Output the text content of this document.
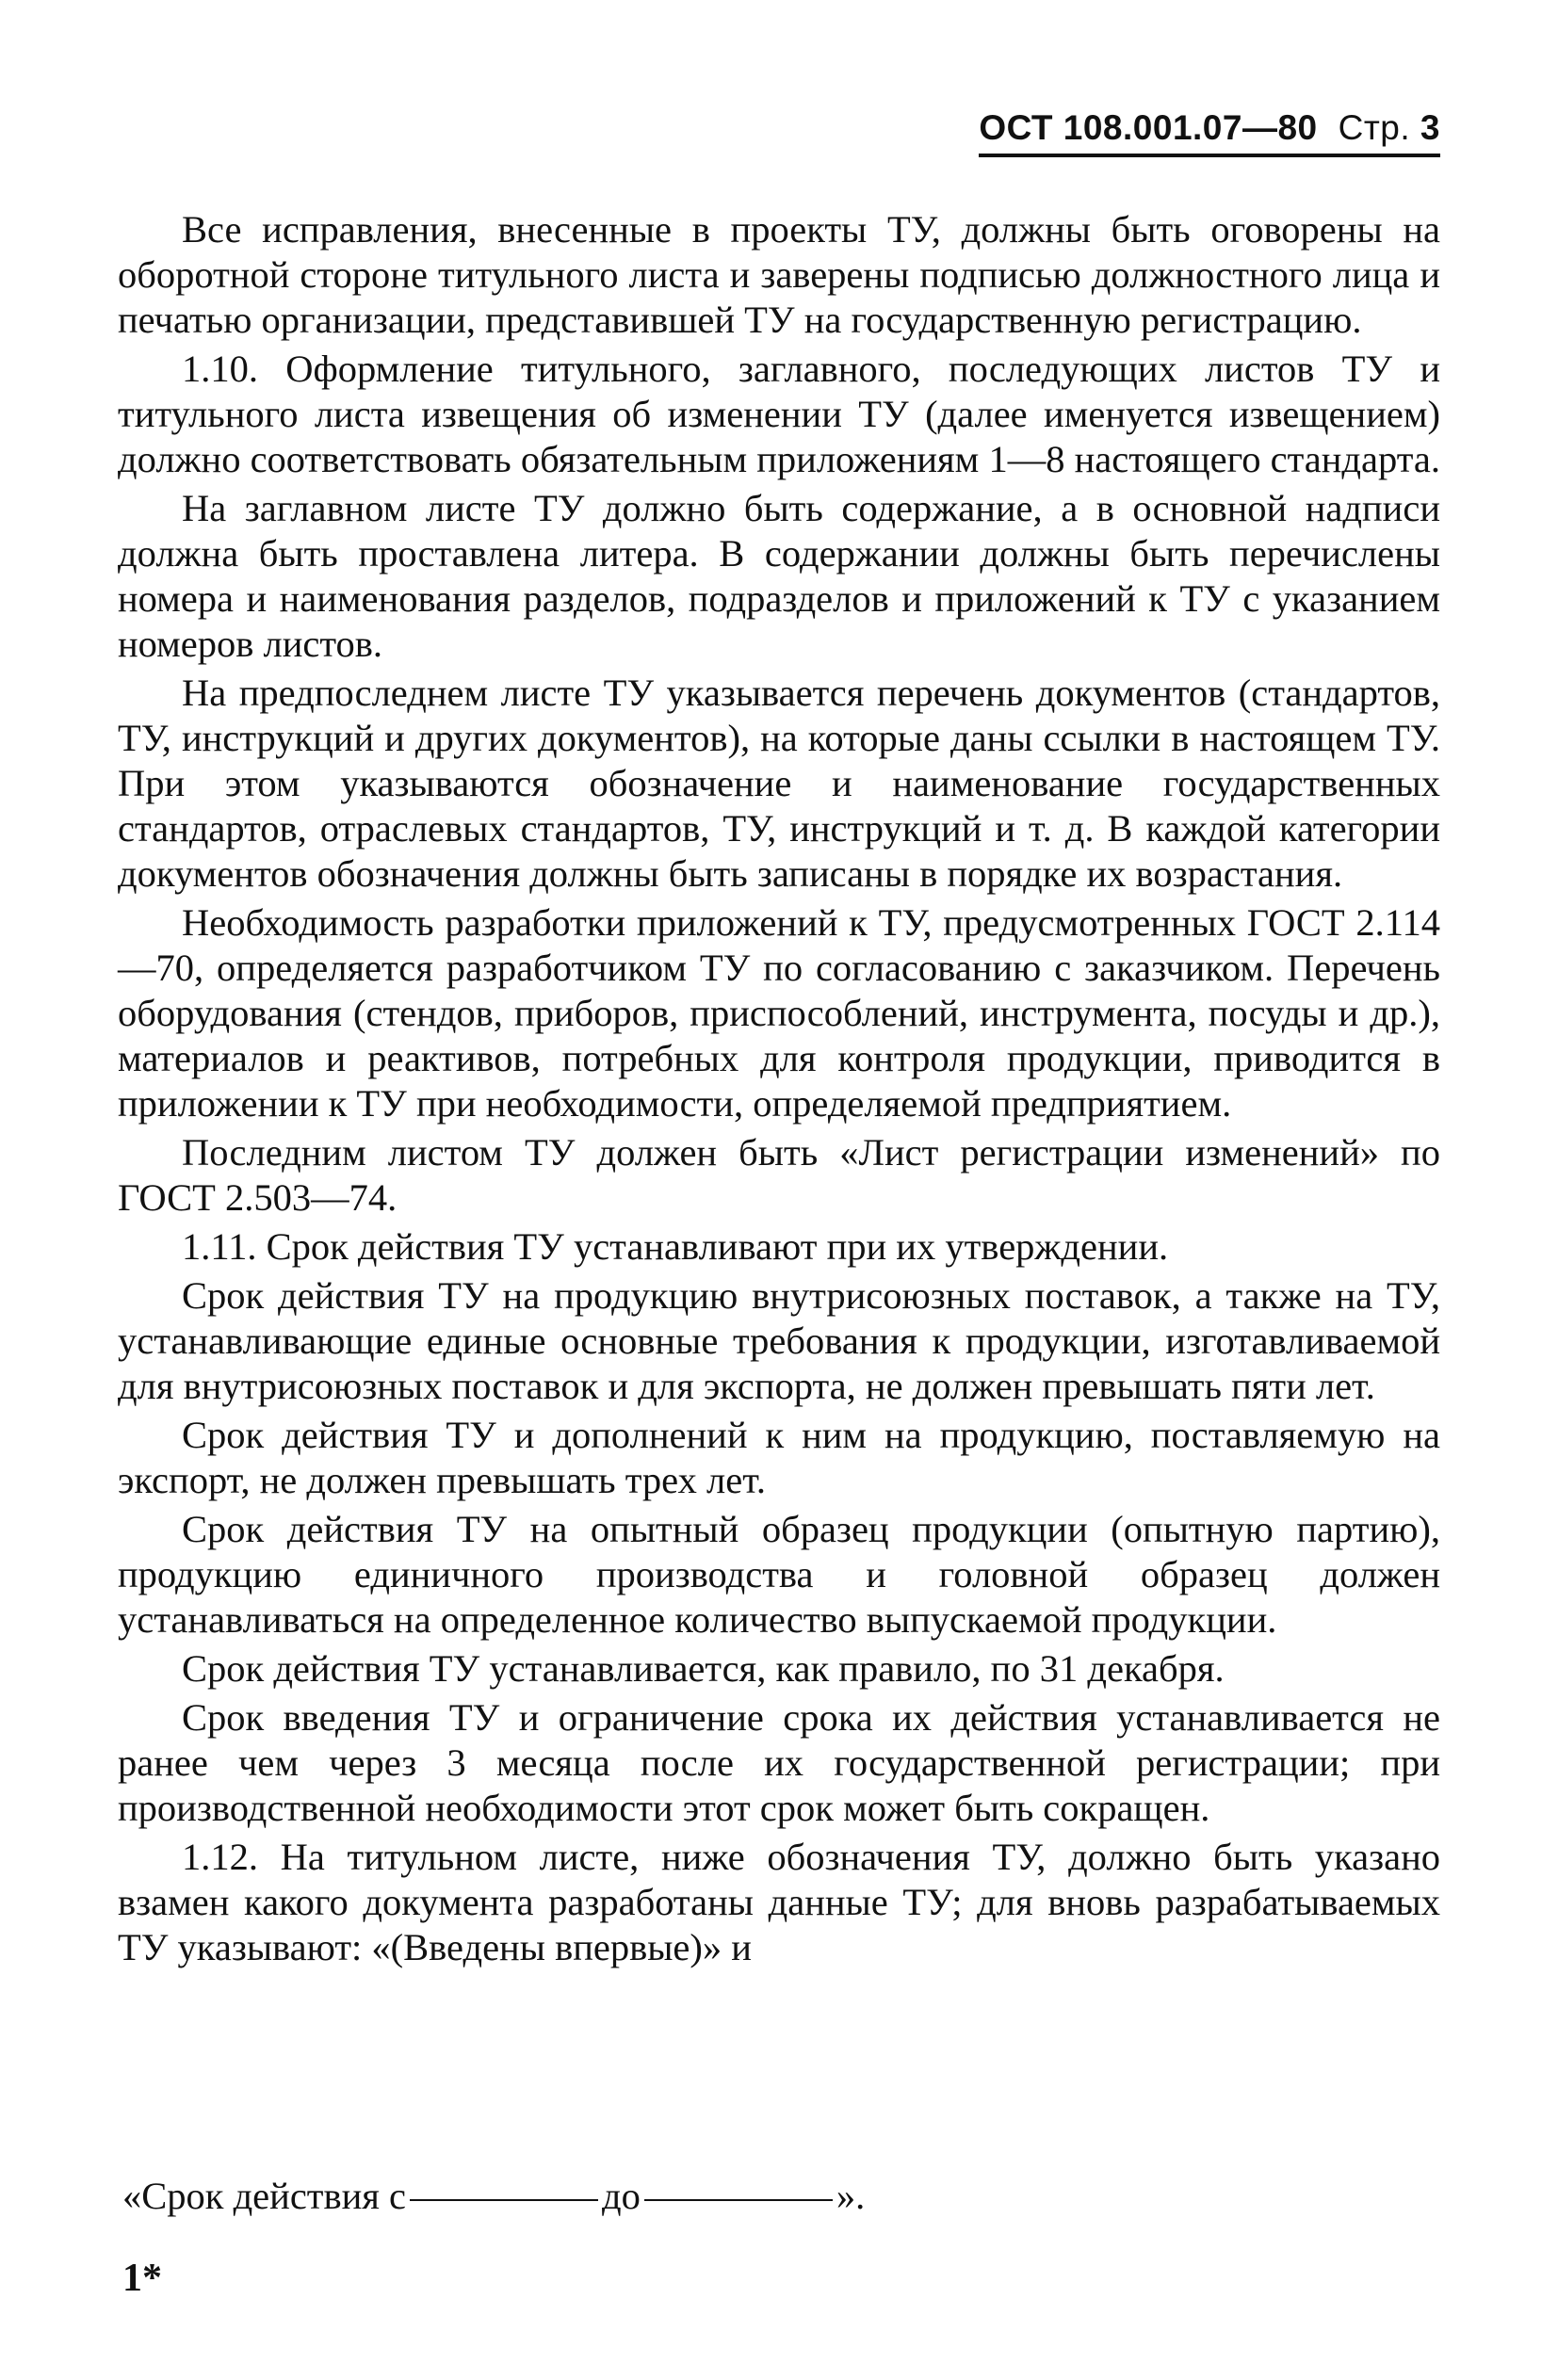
ОСТ 108.001.07—80 Стр. 3

Все исправления, внесенные в проекты ТУ, должны быть оговорены на оборотной стороне титульного листа и заверены подписью должностного лица и печатью организации, представившей ТУ на государственную регистрацию.

1.10. Оформление титульного, заглавного, последующих листов ТУ и титульного листа извещения об изменении ТУ (далее именуется извещением) должно соответствовать обязательным приложениям 1—8 настоящего стандарта.

На заглавном листе ТУ должно быть содержание, а в основной надписи должна быть проставлена литера. В содержании должны быть перечислены номера и наименования разделов, подразделов и приложений к ТУ с указанием номеров листов.

На предпоследнем листе ТУ указывается перечень документов (стандартов, ТУ, инструкций и других документов), на которые даны ссылки в настоящем ТУ. При этом указываются обозначение и наименование государственных стандартов, отраслевых стандартов, ТУ, инструкций и т. д. В каждой категории документов обозначения должны быть записаны в порядке их возрастания.

Необходимость разработки приложений к ТУ, предусмотренных ГОСТ 2.114—70, определяется разработчиком ТУ по согласованию с заказчиком. Перечень оборудования (стендов, приборов, приспособлений, инструмента, посуды и др.), материалов и реактивов, потребных для контроля продукции, приводится в приложении к ТУ при необходимости, определяемой предприятием.

Последним листом ТУ должен быть «Лист регистрации изменений» по ГОСТ 2.503—74.

1.11. Срок действия ТУ устанавливают при их утверждении.

Срок действия ТУ на продукцию внутрисоюзных поставок, а также на ТУ, устанавливающие единые основные требования к продукции, изготавливаемой для внутрисоюзных поставок и для экспорта, не должен превышать пяти лет.

Срок действия ТУ и дополнений к ним на продукцию, поставляемую на экспорт, не должен превышать трех лет.

Срок действия ТУ на опытный образец продукции (опытную партию), продукцию единичного производства и головной образец должен устанавливаться на определенное количество выпускаемой продукции.

Срок действия ТУ устанавливается, как правило, по 31 декабря.

Срок введения ТУ и ограничение срока их действия устанавливается не ранее чем через 3 месяца после их государственной регистрации; при производственной необходимости этот срок может быть сокращен.

1.12. На титульном листе, ниже обозначения ТУ, должно быть указано взамен какого документа разработаны данные ТУ; для вновь разрабатываемых ТУ указывают: «(Введены впервые)» и

«Срок действия с	до	».
1*
